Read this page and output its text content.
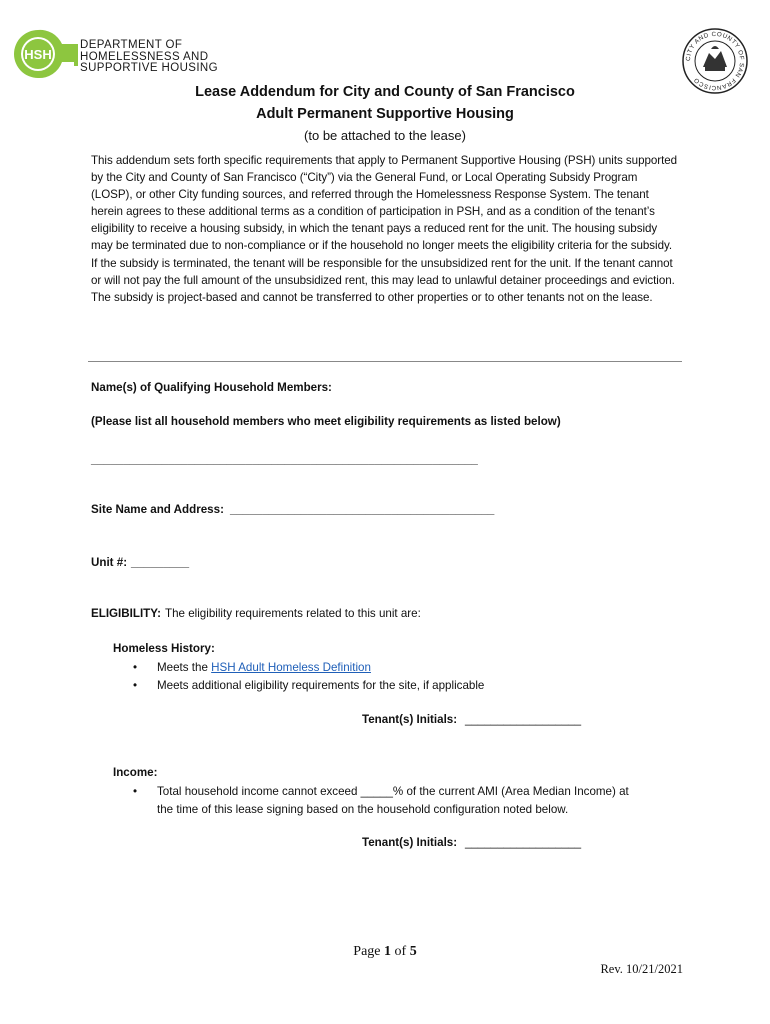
HSH
DEPARTMENT OF
HOMELESSNESS AND
SUPPORTIVE HOUSING
CITY AND COUNTY OF SAN FRANCISCO
Lease Addendum for City and County of San Francisco
Adult Permanent Supportive Housing
(to be attached to the lease)
This addendum sets forth specific requirements that apply to Permanent Supportive Housing (PSH) units supported by the City and County of San Francisco (“City”) via the General Fund, or Local Operating Subsidy Program (LOSP), or other City funding sources, and referred through the Homelessness Response System. The tenant herein agrees to these additional terms as a condition of participation in PSH, and as a condition of the tenant’s eligibility to receive a housing subsidy, in which the tenant pays a reduced rent for the unit. The housing subsidy may be terminated due to non-compliance or if the household no longer meets the eligibility criteria for the subsidy. If the subsidy is terminated, the tenant will be responsible for the unsubsidized rent for the unit. If the tenant cannot or will not pay the full amount of the unsubsidized rent, this may lead to unlawful detainer proceedings and eviction. The subsidy is project-based and cannot be transferred to other properties or to other tenants not on the lease.
Name(s) of Qualifying Household Members:
(Please list all household members who meet eligibility requirements as listed below)
____________________________________________________________
Site Name and Address: _________________________________________
Unit #: _________
ELIGIBILITY: The eligibility requirements related to this unit are:
Homeless History:
• Meets the HSH Adult Homeless Definition
• Meets additional eligibility requirements for the site, if applicable
Tenant(s) Initials: __________________
Income:
• Total household income cannot exceed _____% of the current AMI (Area Median Income) at
the time of this lease signing based on the household configuration noted below.
Tenant(s) Initials: __________________
Page 1 of 5
Rev. 10/21/2021
